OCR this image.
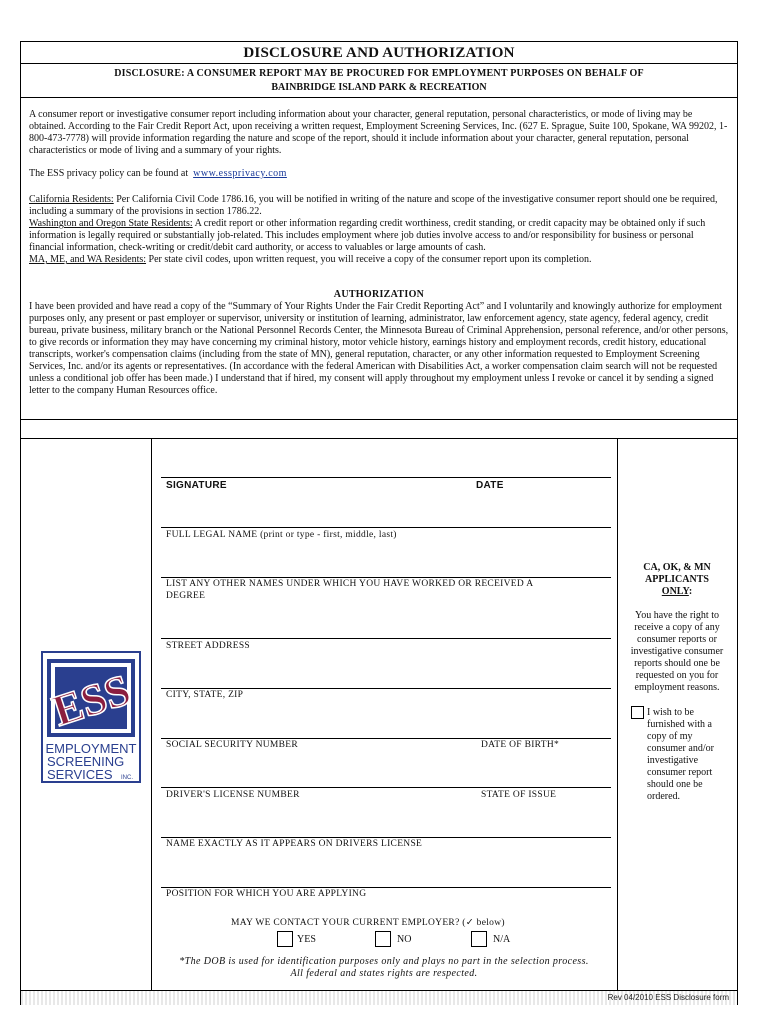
DISCLOSURE AND AUTHORIZATION
DISCLOSURE: A CONSUMER REPORT MAY BE PROCURED FOR EMPLOYMENT PURPOSES ON BEHALF OF
BAINBRIDGE ISLAND PARK & RECREATION
A consumer report or investigative consumer report including information about your character, general reputation, personal characteristics, or mode of living may be obtained. According to the Fair Credit Report Act, upon receiving a written request, Employment Screening Services, Inc. (627 E. Sprague, Suite 100, Spokane, WA 99202, 1-800-473-7778) will provide information regarding the nature and scope of the report, should it include information about your character, general reputation, personal characteristics or mode of living and a summary of your rights.
The ESS privacy policy can be found at www.essprivacy.com
California Residents: Per California Civil Code 1786.16, you will be notified in writing of the nature and scope of the investigative consumer report should one be required, including a summary of the provisions in section 1786.22.
Washington and Oregon State Residents: A credit report or other information regarding credit worthiness, credit standing, or credit capacity may be obtained only if such information is legally required or substantially job-related. This includes employment where job duties involve access to and/or responsibility for business or personal financial information, check-writing or credit/debit card authority, or access to valuables or large amounts of cash.
MA, ME, and WA Residents: Per state civil codes, upon written request, you will receive a copy of the consumer report upon its completion.
AUTHORIZATION
I have been provided and have read a copy of the “Summary of Your Rights Under the Fair Credit Reporting Act” and I voluntarily and knowingly authorize for employment purposes only, any present or past employer or supervisor, university or institution of learning, administrator, law enforcement agency, state agency, federal agency, credit bureau, private business, military branch or the National Personnel Records Center, the Minnesota Bureau of Criminal Apprehension, personal reference, and/or other persons, to give records or information they may have concerning my criminal history, motor vehicle history, earnings history and employment records, credit history, educational transcripts, worker's compensation claims (including from the state of MN), general reputation, character, or any other information requested to Employment Screening Services, Inc. and/or its agents or representatives. (In accordance with the federal American with Disabilities Act, a worker compensation claim search will not be requested unless a conditional job offer has been made.) I understand that if hired, my consent will apply throughout my employment unless I revoke or cancel it by sending a signed letter to the company Human Resources office.
ESS
EMPLOYMENT
SCREENING
SERVICES INC.
SIGNATURE	DATE
FULL LEGAL NAME (print or type - first, middle, last)
LIST ANY OTHER NAMES UNDER WHICH YOU HAVE WORKED OR RECEIVED A
DEGREE
STREET ADDRESS
CITY, STATE, ZIP
SOCIAL SECURITY NUMBER	DATE OF BIRTH*
DRIVER'S LICENSE NUMBER	STATE OF ISSUE
NAME EXACTLY AS IT APPEARS ON DRIVERS LICENSE
POSITION FOR WHICH YOU ARE APPLYING
MAY WE CONTACT YOUR CURRENT EMPLOYER? (✓ below)
YES	NO	N/A
*The DOB is used for identification purposes only and plays no part in the selection process.
All federal and states rights are respected.
CA, OK, & MN
APPLICANTS
ONLY:
You have the right to receive a copy of any consumer reports or investigative consumer reports should one be requested on you for employment reasons.
I wish to be furnished with a copy of my consumer and/or investigative consumer report should one be ordered.
Rev 04/2010 ESS Disclosure form
